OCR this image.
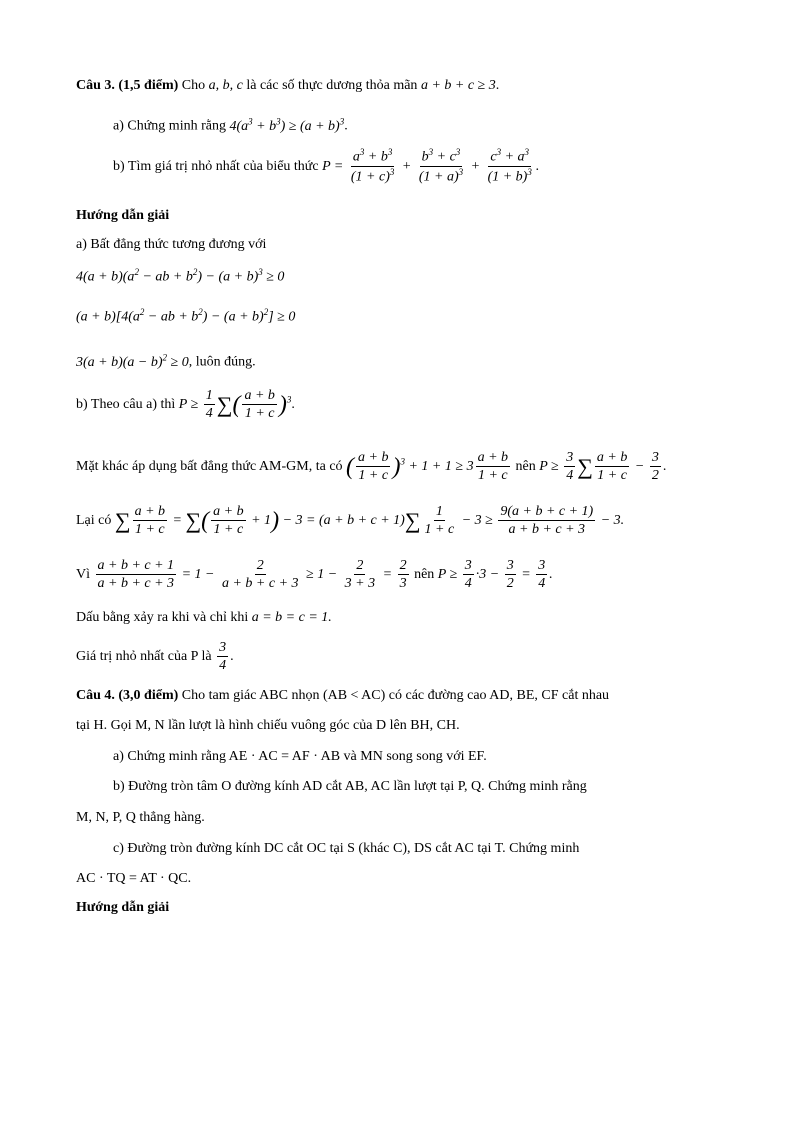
Câu 3. (1,5 điểm) Cho a, b, c là các số thực dương thỏa mãn a + b + c ≥ 3.
a) Chứng minh rằng $4(a^3 + b^3) \ge (a + b)^3$.
b) Tìm giá trị nhỏ nhất của biểu thức $P = \frac{a^3 + b^3}{(1 + c)^3} + \frac{b^3 + c^3}{(1 + a)^3} + \frac{c^3 + a^3}{(1 + b)^3}$ .
Hướng dẫn giải
a) Bất đẳng thức tương đương với
$4(a + b)(a^2$ − ab + $b^2) - (a + b)^3 \ge 0$
$(a + b)[4(a^2$ − ab + $b^2) - (a + b)^2] \ge 0$
$3(a + b)(a - b)^2 \ge 0$, luôn đúng.
b) Theo câu a) thì $P \ge \frac{1}{4}$ ∑( $\frac{a + b}{1 + c} )^3$.
Mặt khác áp dụng bất đẳng thức AM-GM, ta có ( $\frac{a + b}{1 + c} )^3 + 1 + 1 \ge 3 \frac{a + b}{1 + c}$ nên $P \ge \frac{3}{4}$ ∑ $\frac{a + b}{1 + c} - \frac{3}{2}$ .
Lại có ∑ $\frac{a + b}{1 + c}$ = ∑( $\frac{a + b}{1 + c} + 1) - 3 = (a + b + c + 1)\sum \frac{1}{1 + c} - 3 \ge \frac{9(a + b + c + 1)}{a + b + c + 3} - 3$.
Vì $\frac{a + b + c + 1}{a + b + c + 3} = 1 - \frac{2}{a + b + c + 3} \ge 1 - \frac{2}{3 + 3} = \frac{2}{3}$ nên $P \ge \frac{3}{4} \cdot 3 - \frac{3}{2} = \frac{3}{4}$ .
Dấu bằng xảy ra khi và chỉ khi a = b = c = 1.
Giá trị nhỏ nhất của P là $\frac{3}{4}$ .
Câu 4. (3,0 điểm) Cho tam giác ABC nhọn (AB < AC) có các đường cao AD, BE, CF cắt nhau
tại H. Gọi M, N lần lượt là hình chiếu vuông góc của D lên BH, CH.
a) Chứng minh rằng AE · AC = AF · AB và MN song song với EF.
b) Đường tròn tâm O đường kính AD cắt AB, AC lần lượt tại P, Q. Chứng minh rằng
M, N, P, Q thẳng hàng.
c) Đường tròn đường kính DC cắt OC tại S (khác C), DS cắt AC tại T. Chứng minh
AC · TQ = AT · QC.
Hướng dẫn giải
